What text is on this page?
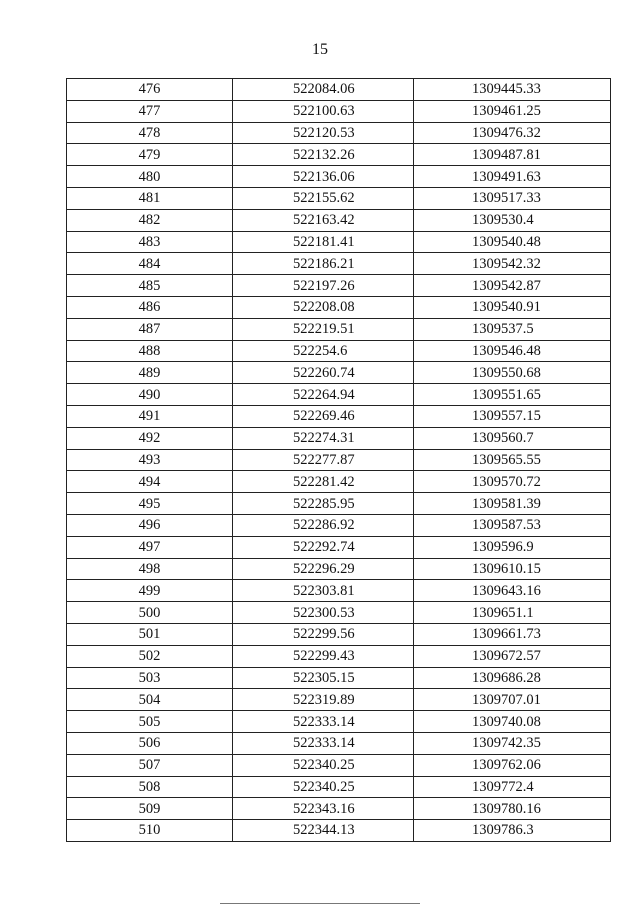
15
476	522084.06	1309445.33
477	522100.63	1309461.25
478	522120.53	1309476.32
479	522132.26	1309487.81
480	522136.06	1309491.63
481	522155.62	1309517.33
482	522163.42	1309530.4
483	522181.41	1309540.48
484	522186.21	1309542.32
485	522197.26	1309542.87
486	522208.08	1309540.91
487	522219.51	1309537.5
488	522254.6	1309546.48
489	522260.74	1309550.68
490	522264.94	1309551.65
491	522269.46	1309557.15
492	522274.31	1309560.7
493	522277.87	1309565.55
494	522281.42	1309570.72
495	522285.95	1309581.39
496	522286.92	1309587.53
497	522292.74	1309596.9
498	522296.29	1309610.15
499	522303.81	1309643.16
500	522300.53	1309651.1
501	522299.56	1309661.73
502	522299.43	1309672.57
503	522305.15	1309686.28
504	522319.89	1309707.01
505	522333.14	1309740.08
506	522333.14	1309742.35
507	522340.25	1309762.06
508	522340.25	1309772.4
509	522343.16	1309780.16
510	522344.13	1309786.3
